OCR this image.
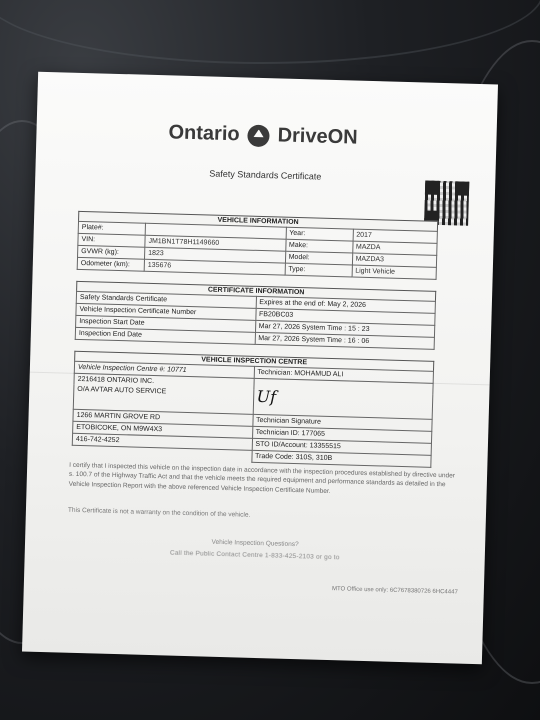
Ontario DriveON
Safety Standards Certificate
VEHICLE INFORMATION
Plate#:		Year:	2017
VIN:	JM1BN1T78H1149660	Make:	MAZDA
GVWR (kg):	1823	Model:	MAZDA3
Odometer (km):	135676	Type:	Light Vehicle
CERTIFICATE INFORMATION
Safety Standards Certificate	Expires at the end of: May 2, 2026
Vehicle Inspection Certificate Number	FB20BC03
Inspection Start Date	Mar 27, 2026 System Time : 15 : 23
Inspection End Date	Mar 27, 2026 System Time : 16 : 06
VEHICLE INSPECTION CENTRE
Vehicle Inspection Centre #: 10771	Technician: MOHAMUD ALI
2216418 ONTARIO INC.	Uf
O/A AVTAR AUTO SERVICE	
1266 MARTIN GROVE RD	Technician Signature
ETOBICOKE, ON M9W4X3	Technician ID: 177065
416-742-4252	STO ID/Account: 13355515
	Trade Code: 310S, 310B
I certify that I inspected this vehicle on the inspection date in accordance with the inspection procedures established by directive under s. 100.7 of the Highway Traffic Act and that the vehicle meets the required equipment and performance standards as detailed in the Vehicle Inspection Report with the above referenced Vehicle Inspection Certificate Number.
This Certificate is not a warranty on the condition of the vehicle.
Vehicle Inspection Questions?
Call the Public Contact Centre 1-833-425-2103 or go to
MTO Office use only: 6C7678380726 6HC4447
